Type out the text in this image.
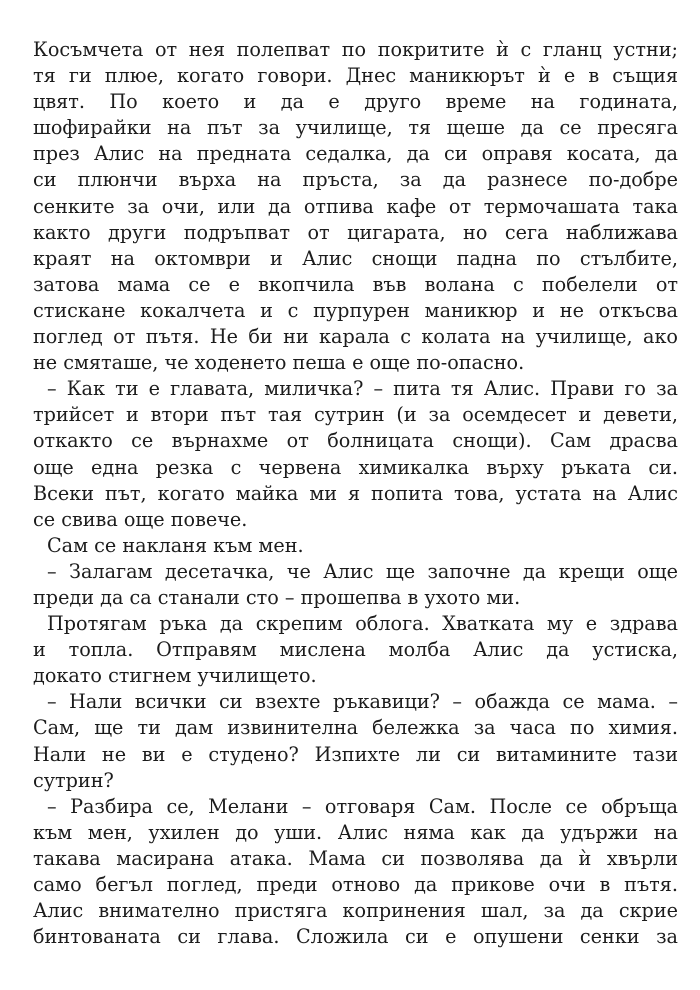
Косъмчета от нея полепват по покритите ѝ с гланц устни;
тя ги плюе, когато говори. Днес маникюрът ѝ е в същия
цвят. По което и да е друго време на годината,
шофирайки на път за училище, тя щеше да се пресяга
през Алис на предната седалка, да си оправя косата, да
си плюнчи върха на пръста, за да разнесе по-добре
сенките за очи, или да отпива кафе от термочашата така
както други подръпват от цигарата, но сега наближава
краят на октомври и Алис снощи падна по стълбите,
затова мама се е вкопчила във волана с побелели от
стискане кокалчета и с пурпурен маникюр и не откъсва
поглед от пътя. Не би ни карала с колата на училище, ако
не смяташе, че ходенето пеша е още по-опасно.
– Как ти е главата, миличка? – пита тя Алис. Прави го за
трийсет и втори път тая сутрин (и за осемдесет и девети,
откакто се върнахме от болницата снощи). Сам драсва
още една резка с червена химикалка върху ръката си.
Всеки път, когато майка ми я попита това, устата на Алис
се свива още повече.
Сам се накланя към мен.
– Залагам десетачка, че Алис ще започне да крещи още
преди да са станали сто – прошепва в ухото ми.
Протягам ръка да скрепим облога. Хватката му е здрава
и топла. Отправям мислена молба Алис да устиска,
докато стигнем училището.
– Нали всички си взехте ръкавици? – обажда се мама. –
Сам, ще ти дам извинителна бележка за часа по химия.
Нали не ви е студено? Изпихте ли си витамините тази
сутрин?
– Разбира се, Мелани – отговаря Сам. После се обръща
към мен, ухилен до уши. Алис няма как да удържи на
такава масирана атака. Мама си позволява да ѝ хвърли
само бегъл поглед, преди отново да прикове очи в пътя.
Алис внимателно пристяга копринения шал, за да скрие
бинтованата си глава. Сложила си е опушени сенки за
